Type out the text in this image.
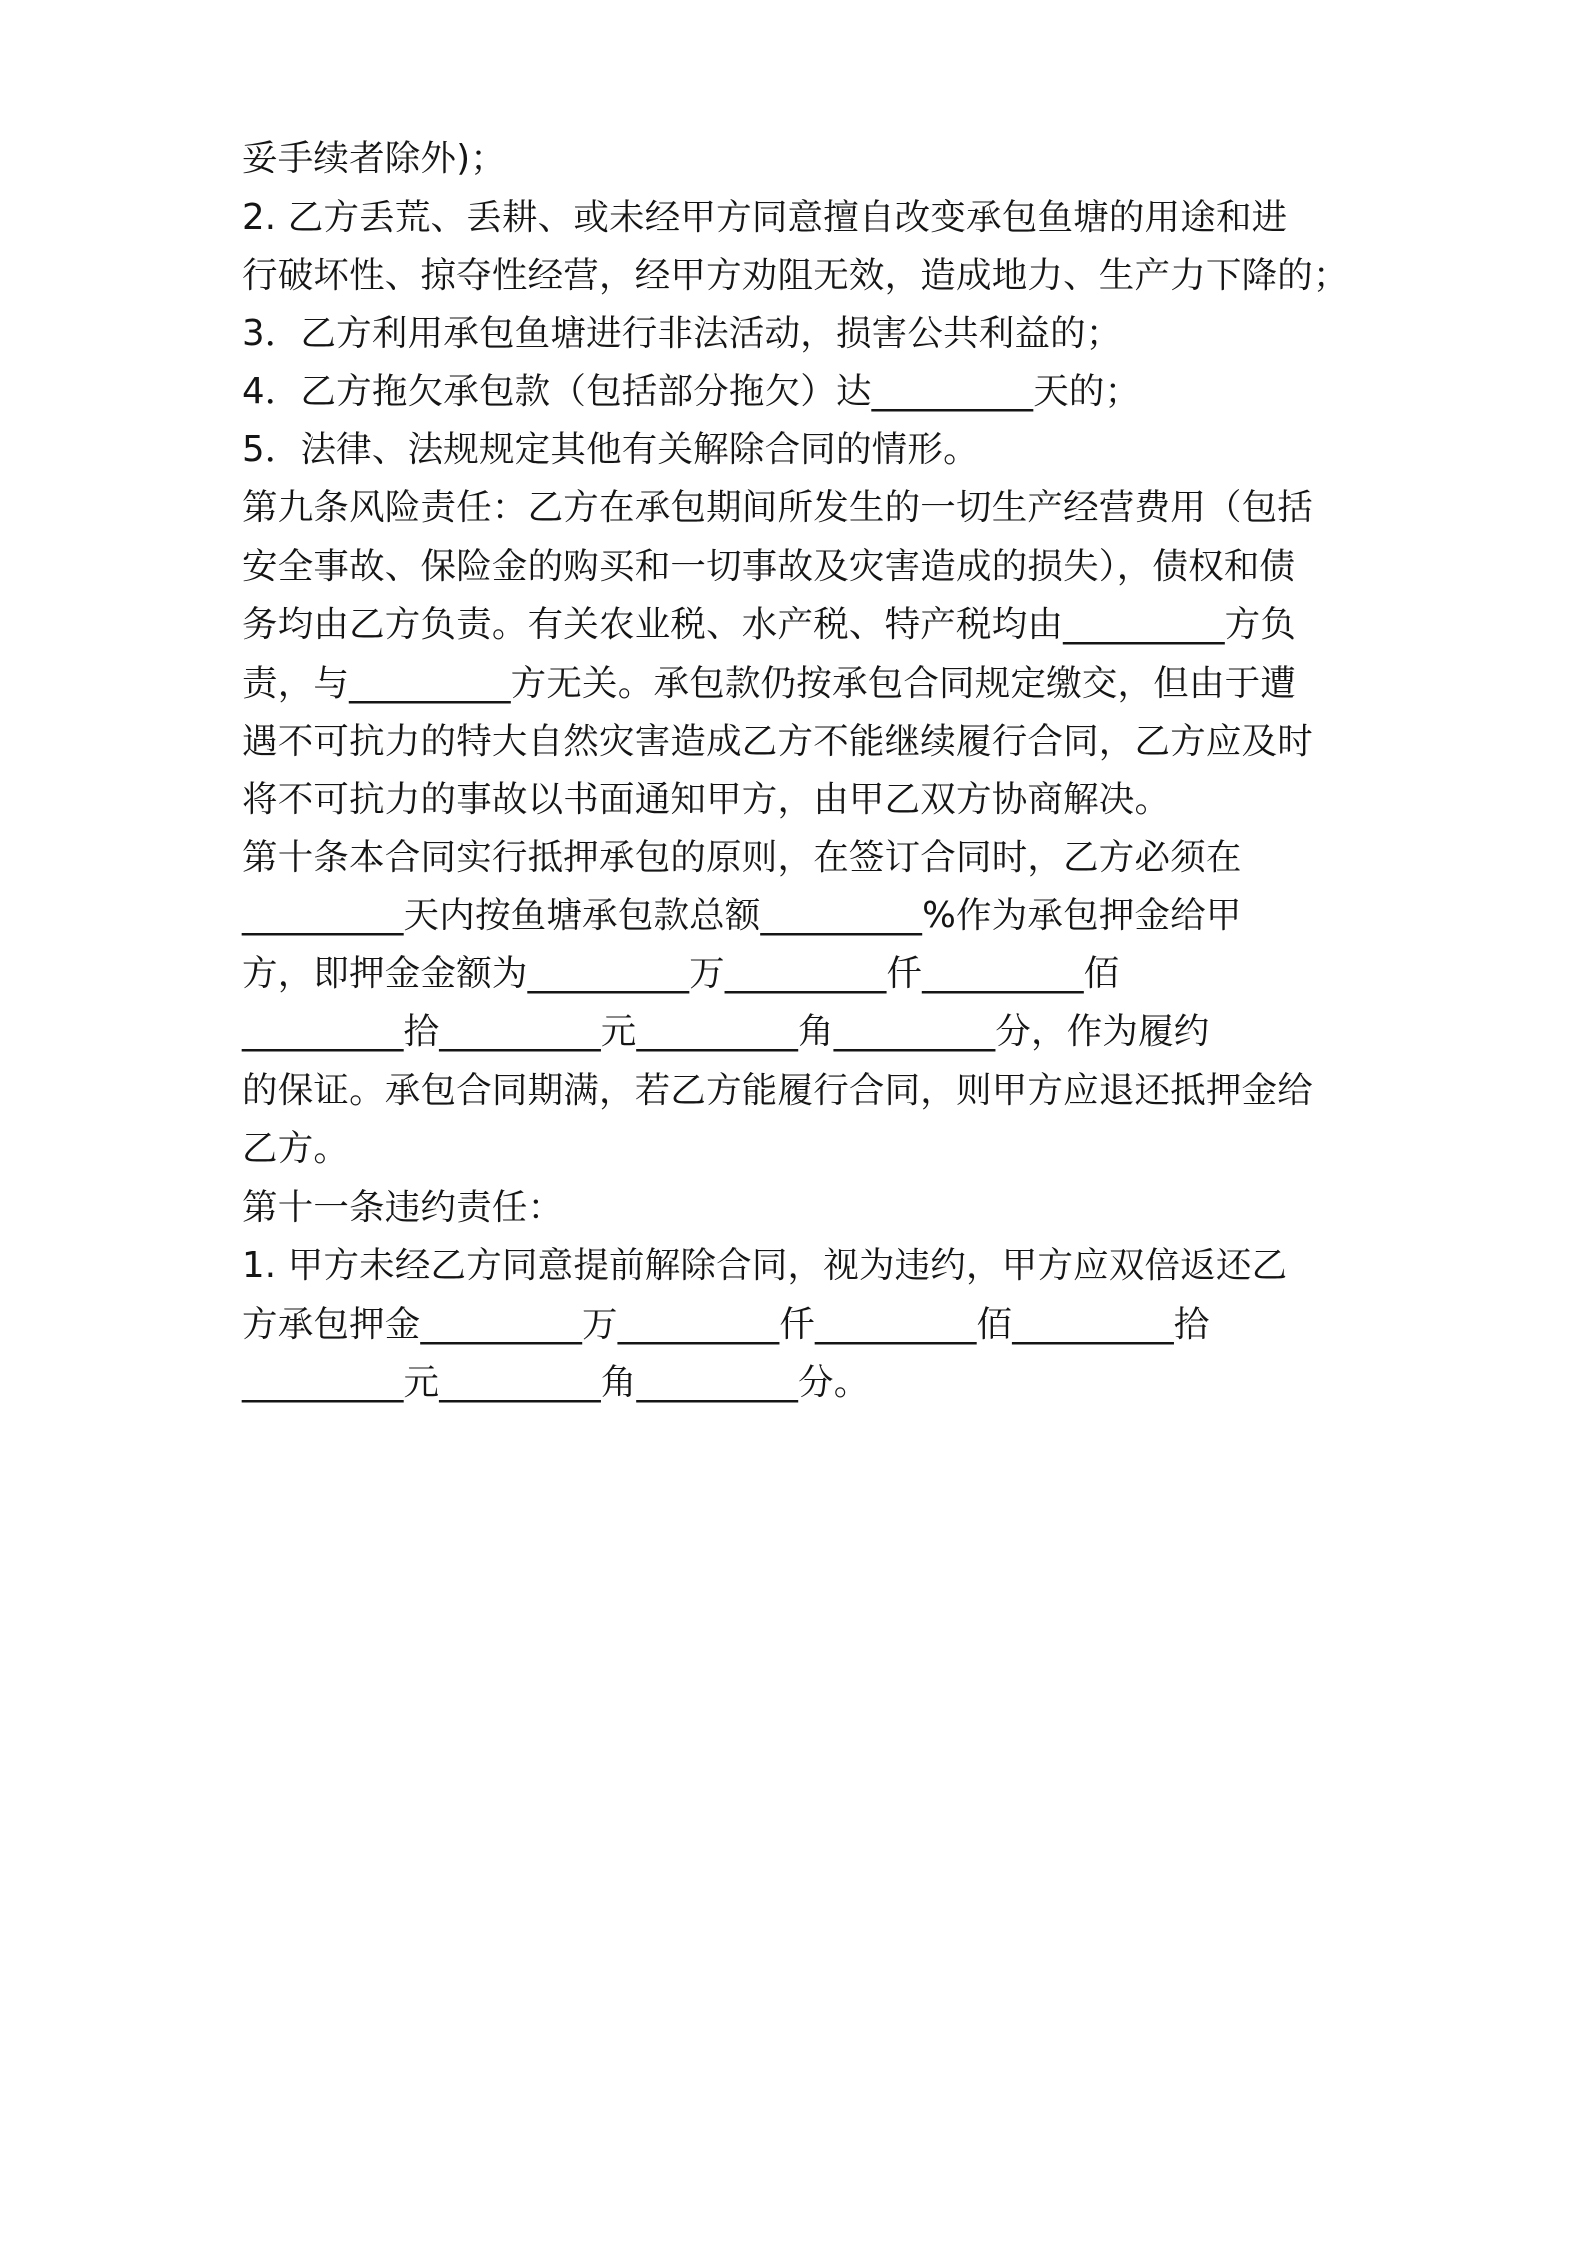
妥手续者除外)；
2. 乙方丢荒、丢耕、或未经甲方同意擅自改变承包鱼塘的用途和进
行破坏性、掠夺性经营，经甲方劝阻无效，造成地力、生产力下降的；
3．乙方利用承包鱼塘进行非法活动，损害公共利益的；
4．乙方拖欠承包款（包括部分拖欠）达_________天的；
5．法律、法规规定其他有关解除合同的情形。
第九条风险责任：乙方在承包期间所发生的一切生产经营费用（包括
安全事故、保险金的购买和一切事故及灾害造成的损失），债权和债
务均由乙方负责。有关农业税、水产税、特产税均由_________方负
责，与_________方无关。承包款仍按承包合同规定缴交，但由于遭
遇不可抗力的特大自然灾害造成乙方不能继续履行合同，乙方应及时
将不可抗力的事故以书面通知甲方，由甲乙双方协商解决。
第十条本合同实行抵押承包的原则，在签订合同时，乙方必须在
_________天内按鱼塘承包款总额_________%作为承包押金给甲
方，即押金金额为_________万_________仟_________佰
_________拾_________元_________角_________分，作为履约
的保证。承包合同期满，若乙方能履行合同，则甲方应退还抵押金给
乙方。
第十一条违约责任：
1. 甲方未经乙方同意提前解除合同，视为违约，甲方应双倍返还乙
方承包押金_________万_________仟_________佰_________拾
_________元_________角_________分。
